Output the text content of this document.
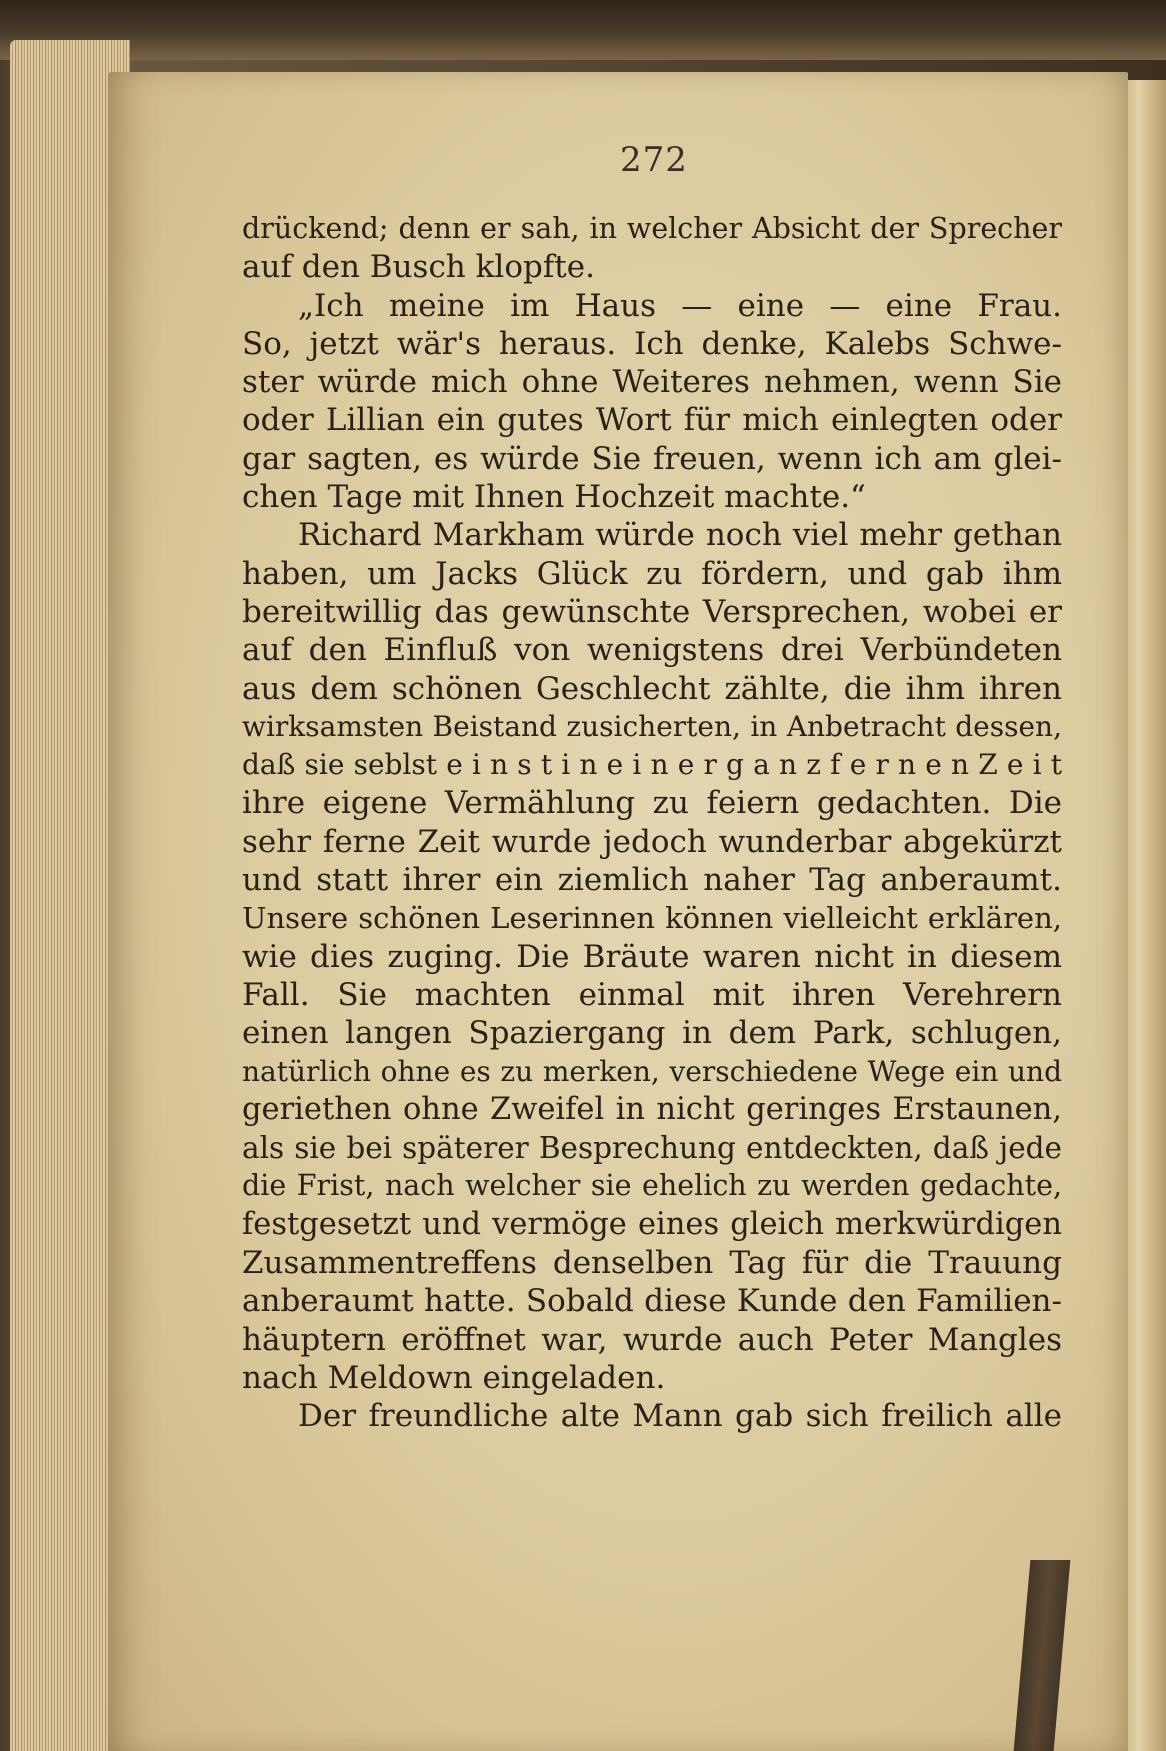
272
drückend; denn er sah, in welcher Absicht der Sprecher
auf den Busch klopfte.
„Ich meine im Haus — eine — eine Frau.
So, jetzt wär's heraus. Ich denke, Kalebs Schwe-
ster würde mich ohne Weiteres nehmen, wenn Sie
oder Lillian ein gutes Wort für mich einlegten oder
gar sagten, es würde Sie freuen, wenn ich am glei-
chen Tage mit Ihnen Hochzeit machte.“
Richard Markham würde noch viel mehr gethan
haben, um Jacks Glück zu fördern, und gab ihm
bereitwillig das gewünschte Versprechen, wobei er
auf den Einfluß von wenigstens drei Verbündeten
aus dem schönen Geschlecht zählte, die ihm ihren
wirksamsten Beistand zusicherten, in Anbetracht dessen,
daß sie seblst e i n s t i n e i n e r g a n z f e r n e n Z e i t
ihre eigene Vermählung zu feiern gedachten. Die
sehr ferne Zeit wurde jedoch wunderbar abgekürzt
und statt ihrer ein ziemlich naher Tag anberaumt.
Unsere schönen Leserinnen können vielleicht erklären,
wie dies zuging. Die Bräute waren nicht in diesem
Fall. Sie machten einmal mit ihren Verehrern
einen langen Spaziergang in dem Park, schlugen,
natürlich ohne es zu merken, verschiedene Wege ein und
geriethen ohne Zweifel in nicht geringes Erstaunen,
als sie bei späterer Besprechung entdeckten, daß jede
die Frist, nach welcher sie ehelich zu werden gedachte,
festgesetzt und vermöge eines gleich merkwürdigen
Zusammentreffens denselben Tag für die Trauung
anberaumt hatte. Sobald diese Kunde den Familien-
häuptern eröffnet war, wurde auch Peter Mangles
nach Meldown eingeladen.
Der freundliche alte Mann gab sich freilich alle
